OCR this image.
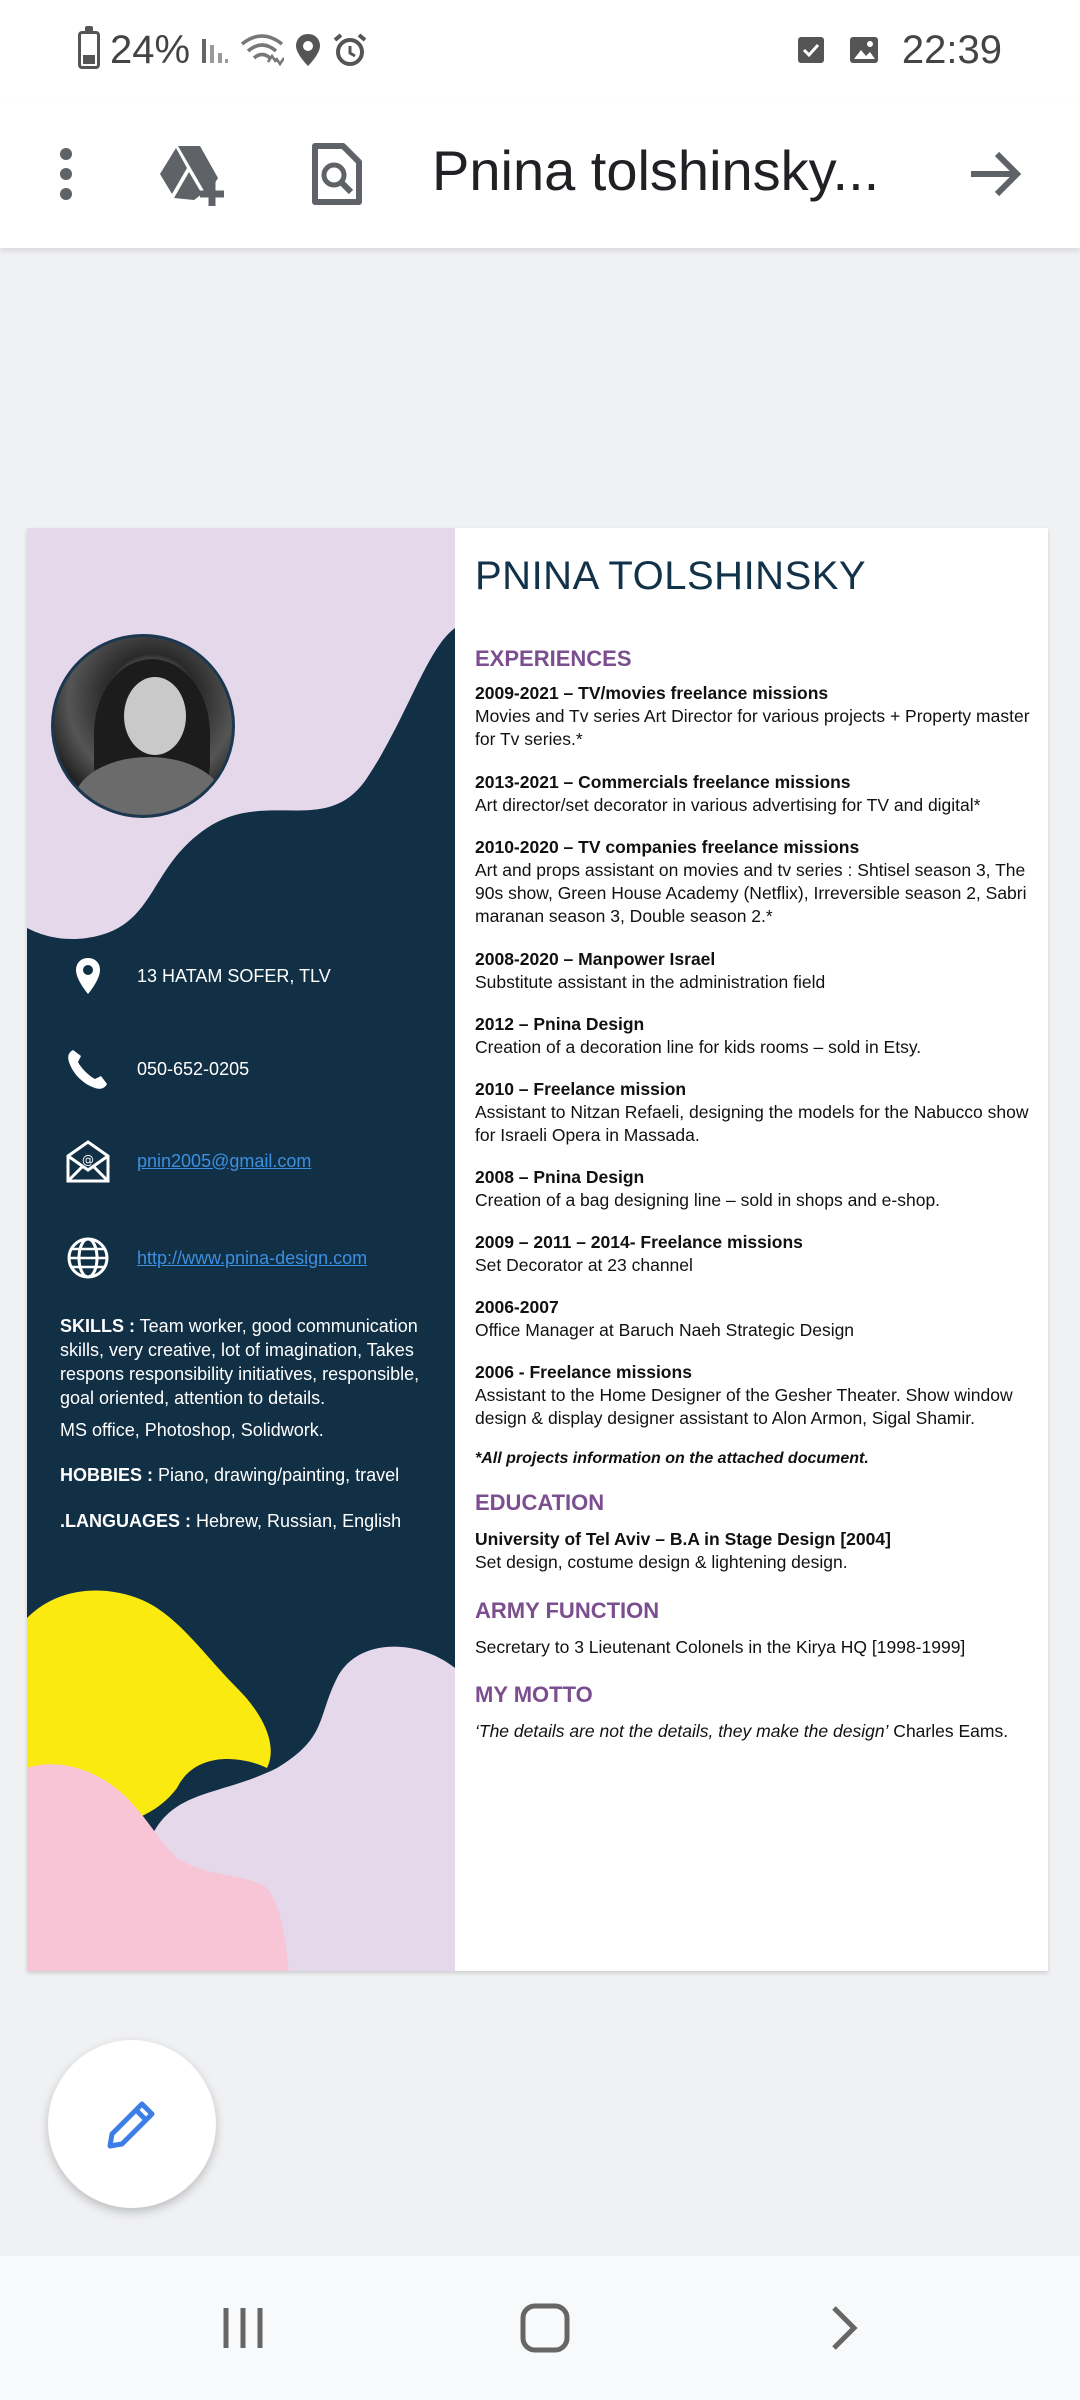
24%	22:39
Pnina tolshinsky...
13 HATAM SOFER, TLV
050-652-0205
@ pnin2005@gmail.com
http://www.pnina-design.com
SKILLS : Team worker, good communication skills, very creative, lot of imagination, Takes respons responsibility initiatives, responsible, goal oriented, attention to details.
MS office, Photoshop, Solidwork.
HOBBIES : Piano, drawing/painting, travel
.LANGUAGES : Hebrew, Russian, English
PNINA TOLSHINSKY
EXPERIENCES
2009-2021 – TV/movies freelance missions
Movies and Tv series Art Director for various projects + Property master for Tv series.*
2013-2021 – Commercials freelance missions
Art director/set decorator in various advertising for TV and digital*
2010-2020 – TV companies freelance missions
Art and props assistant on movies and tv series : Shtisel season 3, The 90s show, Green House Academy (Netflix), Irreversible season 2, Sabri maranan season 3, Double season 2.*
2008-2020 – Manpower Israel
Substitute assistant in the administration field
2012 – Pnina Design
Creation of a decoration line for kids rooms – sold in Etsy.
2010 – Freelance mission
Assistant to Nitzan Refaeli, designing the models for the Nabucco show for Israeli Opera in Massada.
2008 – Pnina Design
Creation of a bag designing line – sold in shops and e-shop.
2009 – 2011 – 2014- Freelance missions
Set Decorator at 23 channel
2006-2007
Office Manager at Baruch Naeh Strategic Design
2006 - Freelance missions
Assistant to the Home Designer of the Gesher Theater. Show window design & display designer assistant to Alon Armon, Sigal Shamir.
*All projects information on the attached document.
EDUCATION
University of Tel Aviv – B.A in Stage Design [2004]
Set design, costume design & lightening design.
ARMY FUNCTION
Secretary to 3 Lieutenant Colonels in the Kirya HQ [1998-1999]
MY MOTTO
‘The details are not the details, they make the design’ Charles Eams.
